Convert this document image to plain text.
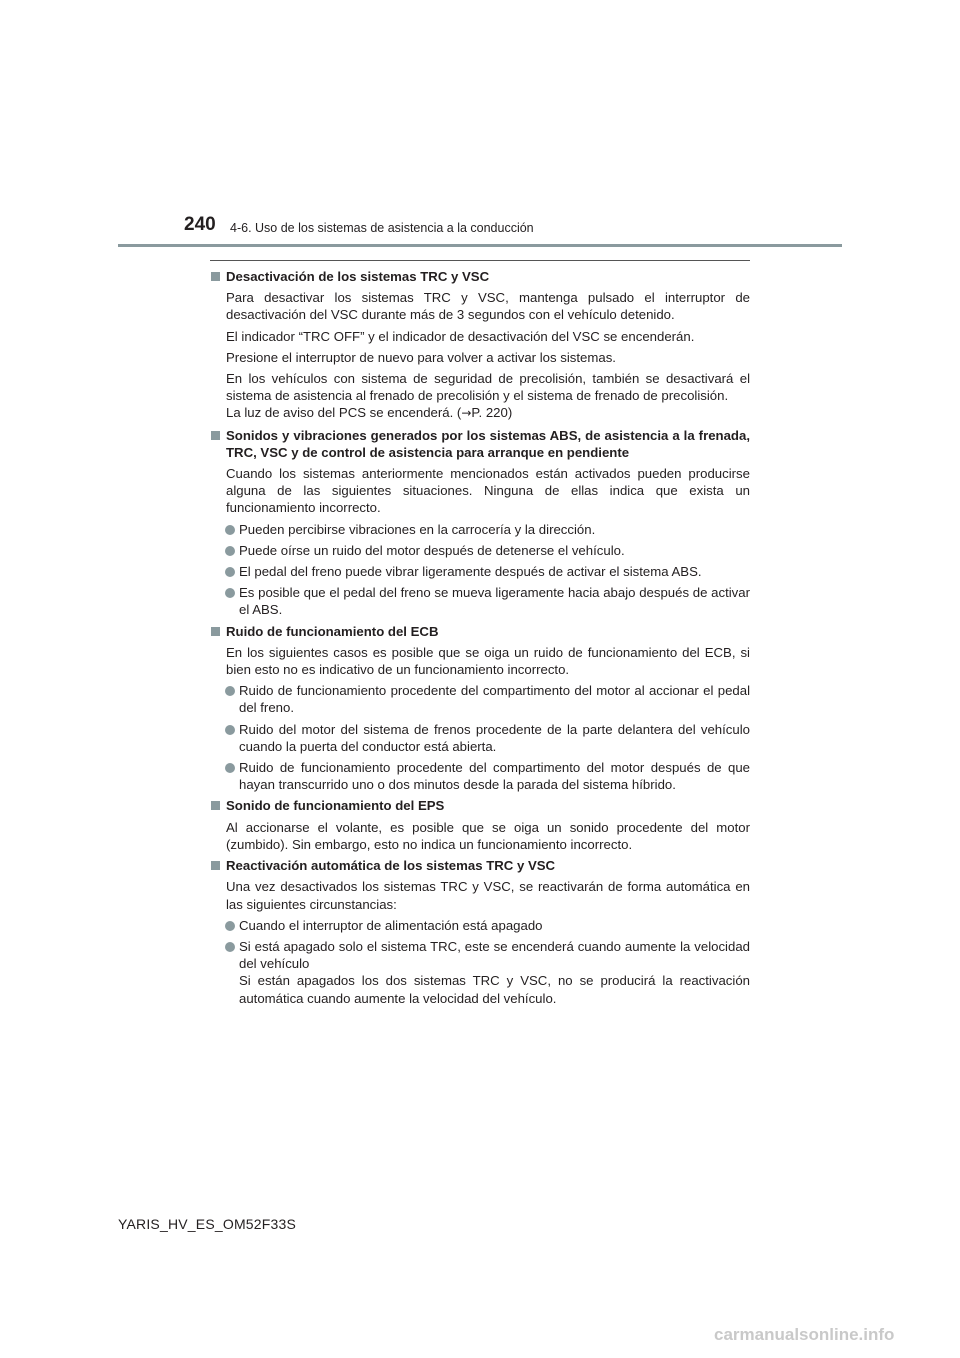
240 4-6. Uso de los sistemas de asistencia a la conducción
Desactivación de los sistemas TRC y VSC
Para desactivar los sistemas TRC y VSC, mantenga pulsado el interruptor de desactivación del VSC durante más de 3 segundos con el vehículo detenido.
El indicador “TRC OFF” y el indicador de desactivación del VSC se encenderán.
Presione el interruptor de nuevo para volver a activar los sistemas.
En los vehículos con sistema de seguridad de precolisión, también se desactivará el sistema de asistencia al frenado de precolisión y el sistema de frenado de precolisión.
La luz de aviso del PCS se encenderá. (→P. 220)
Sonidos y vibraciones generados por los sistemas ABS, de asistencia a la frenada, TRC, VSC y de control de asistencia para arranque en pendiente
Cuando los sistemas anteriormente mencionados están activados pueden producirse alguna de las siguientes situaciones. Ninguna de ellas indica que exista un funcionamiento incorrecto.
Pueden percibirse vibraciones en la carrocería y la dirección.
Puede oírse un ruido del motor después de detenerse el vehículo.
El pedal del freno puede vibrar ligeramente después de activar el sistema ABS.
Es posible que el pedal del freno se mueva ligeramente hacia abajo después de activar el ABS.
Ruido de funcionamiento del ECB
En los siguientes casos es posible que se oiga un ruido de funcionamiento del ECB, si bien esto no es indicativo de un funcionamiento incorrecto.
Ruido de funcionamiento procedente del compartimento del motor al accionar el pedal del freno.
Ruido del motor del sistema de frenos procedente de la parte delantera del vehículo cuando la puerta del conductor está abierta.
Ruido de funcionamiento procedente del compartimento del motor después de que hayan transcurrido uno o dos minutos desde la parada del sistema híbrido.
Sonido de funcionamiento del EPS
Al accionarse el volante, es posible que se oiga un sonido procedente del motor (zumbido). Sin embargo, esto no indica un funcionamiento incorrecto.
Reactivación automática de los sistemas TRC y VSC
Una vez desactivados los sistemas TRC y VSC, se reactivarán de forma automática en las siguientes circunstancias:
Cuando el interruptor de alimentación está apagado
Si está apagado solo el sistema TRC, este se encenderá cuando aumente la velocidad del vehículo
Si están apagados los dos sistemas TRC y VSC, no se producirá la reactivación automática cuando aumente la velocidad del vehículo.
YARIS_HV_ES_OM52F33S
carmanualsonline.info
